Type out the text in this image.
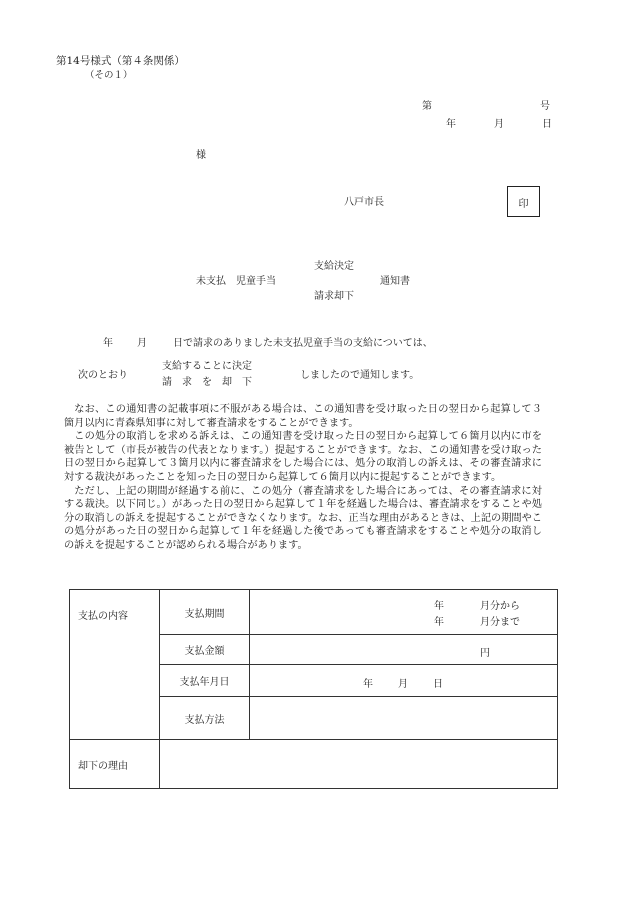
第14号様式（第４条関係）
（その１）
第	号
年	月	日
様
八戸市長	印
支給決定
未支払　児童手当	通知書
請求却下
年 月	日で請求のありました未支払児童手当の支給については、
次のとおり
支給することに決定
請　求　を　却　下
しましたので通知します。

なお、この通知書の記載事項に不服がある場合は、この通知書を受け取った日の翌日から起算して３箇月以内に青森県知事に対して審査請求をすることができます。

この処分の取消しを求める訴えは、この通知書を受け取った日の翌日から起算して６箇月以内に市を被告として（市長が被告の代表となります。）提起することができます。なお、この通知書を受け取った日の翌日から起算して３箇月以内に審査請求をした場合には、処分の取消しの訴えは、その審査請求に対する裁決があったことを知った日の翌日から起算して６箇月以内に提起することができます。

ただし、上記の期間が経過する前に、この処分（審査請求をした場合にあっては、その審査請求に対する裁決。以下同じ。）があった日の翌日から起算して１年を経過した場合は、審査請求をすることや処分の取消しの訴えを提起することができなくなります。なお、正当な理由があるときは、上記の期間やこの処分があった日の翌日から起算して１年を経過した後であっても審査請求をすることや処分の取消しの訴えを提起することが認められる場合があります。

支払の内容	支払期間	年 月分から
年 月分まで

	支払金額	円

	支払年月日	年 月 日

	支払方法	
却下の理由		
